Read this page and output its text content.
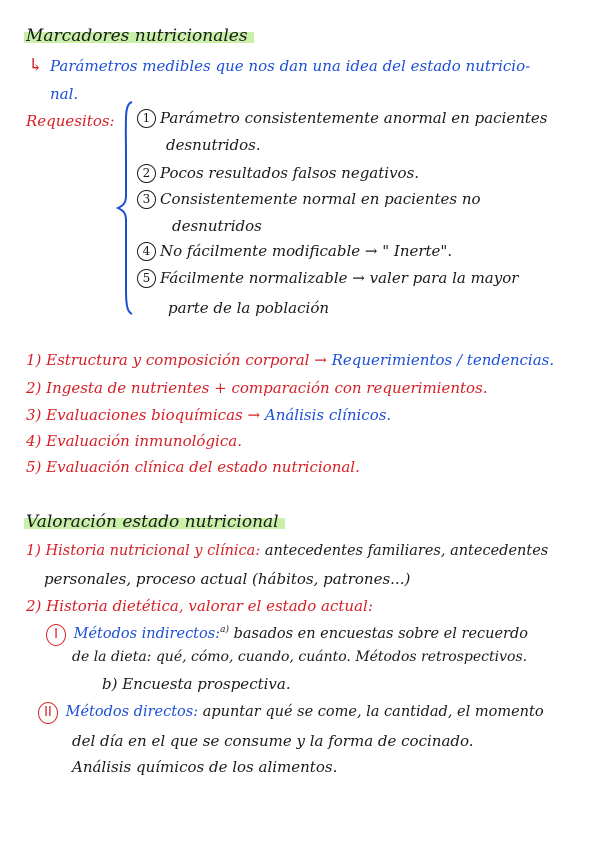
Marcadores nutricionales
↳ Parámetros medibles que nos dan una idea del estado nutricio-
nal.
Requesitos:	1 Parámetro consistentemente anormal en pacientes
desnutridos.
2 Pocos resultados falsos negativos.
3 Consistentemente normal en pacientes no
desnutridos
4 No fácilmente modificable → " Inerte".
5 Fácilmente normalizable → valer para la mayor
parte de la población
1) Estructura y composición corporal → Requerimientos / tendencias.
2) Ingesta de nutrientes + comparación con requerimientos.
3) Evaluaciones bioquímicas → Análisis clínicos.
4) Evaluación inmunológica.
5) Evaluación clínica del estado nutricional.
Valoración estado nutricional
1) Historia nutricional y clínica: antecedentes familiares, antecedentes
personales, proceso actual (hábitos, patrones...)
2) Historia dietética, valorar el estado actual:
I Métodos indirectos:$^{a)}$ basados en encuestas sobre el recuerdo
de la dieta: qué, cómo, cuando, cuánto. Métodos retrospectivos.
b) Encuesta prospectiva.
II Métodos directos: apuntar qué se come, la cantidad, el momento
del día en el que se consume y la forma de cocinado.
Análisis químicos de los alimentos.
